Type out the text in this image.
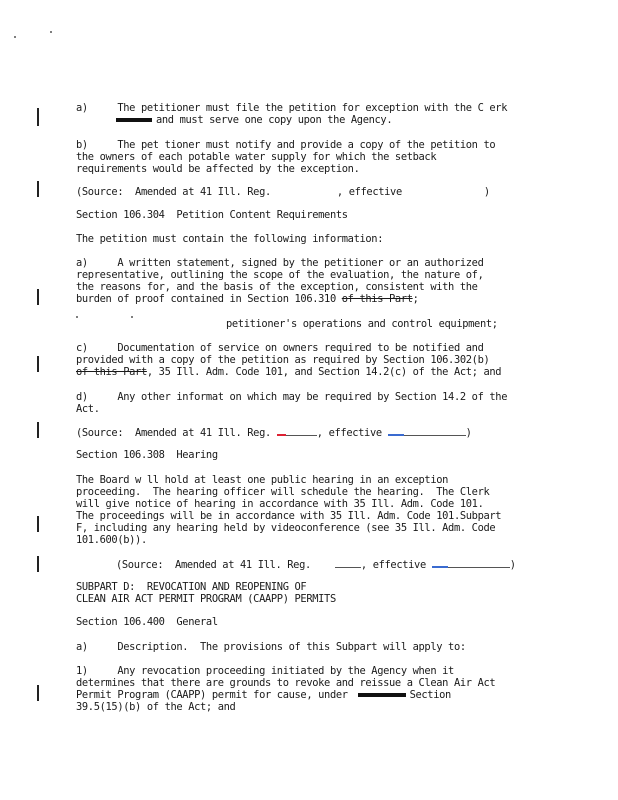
a)     The petitioner must file the petition for exception with the C erk
and must serve one copy upon the Agency.
b)     The pet tioner must notify and provide a copy of the petition to
the owners of each potable water supply for which the setback
requirements would be affected by the exception.
(Source:  Amended at 41 Ill. Reg.	, effective	)
Section 106.304  Petition Content Requirements
The petition must contain the following information:
a)     A written statement, signed by the petitioner or an authorized
representative, outlining the scope of the evaluation, the nature of,
the reasons for, and the basis of the exception, consistent with the
burden of proof contained in Section 106.310 of this Part;
petitioner's operations and control equipment;
c)     Documentation of service on owners required to be notified and
provided with a copy of the petition as required by Section 106.302(b)
of this Part, 35 Ill. Adm. Code 101, and Section 14.2(c) of the Act; and
d)     Any other informat on which may be required by Section 14.2 of the
Act.
(Source:  Amended at 41 Ill. Reg.	, effective	)
Section 106.308  Hearing
The Board w ll hold at least one public hearing in an exception
proceeding.  The hearing officer will schedule the hearing.  The Clerk
will give notice of hearing in accordance with 35 Ill. Adm. Code 101.
The proceedings will be in accordance with 35 Ill. Adm. Code 101.Subpart
F, including any hearing held by videoconference (see 35 Ill. Adm. Code
101.600(b)).
(Source:  Amended at 41 Ill. Reg.	, effective	)
SUBPART D:  REVOCATION AND REOPENING OF
CLEAN AIR ACT PERMIT PROGRAM (CAAPP) PERMITS
Section 106.400  General
a)     Description.  The provisions of this Subpart will apply to:
1)     Any revocation proceeding initiated by the Agency when it
determines that there are grounds to revoke and reissue a Clean Air Act
Permit Program (CAAPP) permit for cause, under	Section
39.5(15)(b) of the Act; and
